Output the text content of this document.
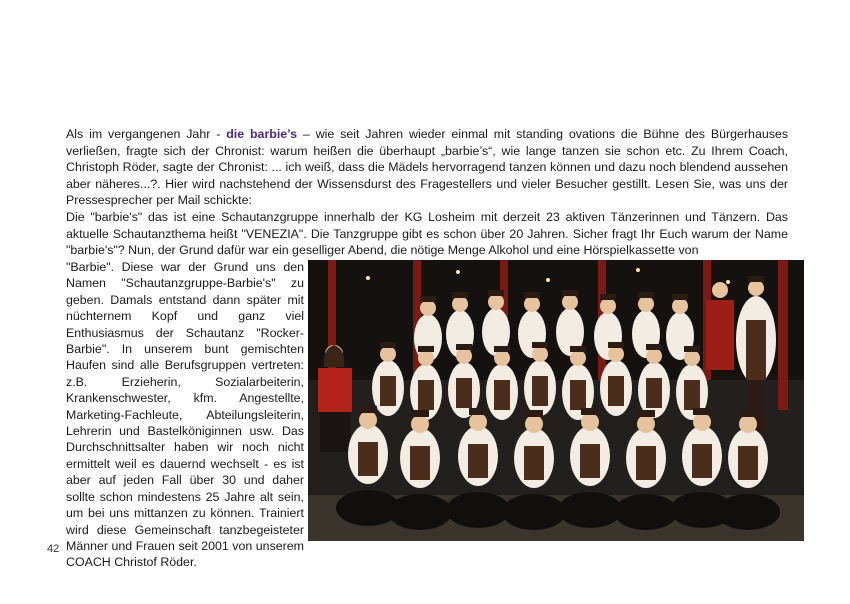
Als im vergangenen Jahr - die barbie’s – wie seit Jahren wieder einmal mit standing ovations die Bühne des Bürgerhauses verließen, fragte sich der Chronist: warum heißen die überhaupt „barbie’s“, wie lange tanzen sie schon etc. Zu Ihrem Coach, Christoph Röder, sagte der Chronist: ... ich weiß, dass die Mädels hervorragend tanzen können und dazu noch blendend aussehen aber näheres...?. Hier wird nachstehend der Wissensdurst des Fragestellers und vieler Besucher gestillt. Lesen Sie, was uns der Pressesprecher per Mail schickte:

Die "barbie's" das ist eine Schautanzgruppe innerhalb der KG Losheim mit derzeit 23 aktiven Tänzerinnen und Tänzern. Das aktuelle Schautanzthema heißt "VENEZIA". Die Tanzgruppe gibt es schon über 20 Jahren. Sicher fragt Ihr Euch warum der Name "barbie's"? Nun, der Grund dafür war ein geselliger Abend, die nötige Menge Alkohol und eine Hörspielkassette von

"Barbie". Diese war der Grund uns den Namen "Schautanzgruppe-Barbie's" zu geben. Damals entstand dann später mit nüchternem Kopf und ganz viel Enthusiasmus der Schautanz "Rocker-Barbie". In unserem bunt gemischten Haufen sind alle Berufsgruppen vertreten: z.B. Erzieherin, Sozialarbeiterin, Krankenschwester, kfm. Angestellte, Marketing-Fachleute, Abteilungsleiterin, Lehrerin und Bastelköniginnen usw. Das Durchschnittsalter haben wir noch nicht ermittelt weil es dauernd wechselt - es ist aber auf jeden Fall über 30 und daher sollte schon mindestens 25 Jahre alt sein, um bei uns mittanzen zu können. Trainiert wird diese Gemeinschaft tanzbegeisteter Männer und Frauen seit 2001 von unserem COACH Christof Röder.

42
